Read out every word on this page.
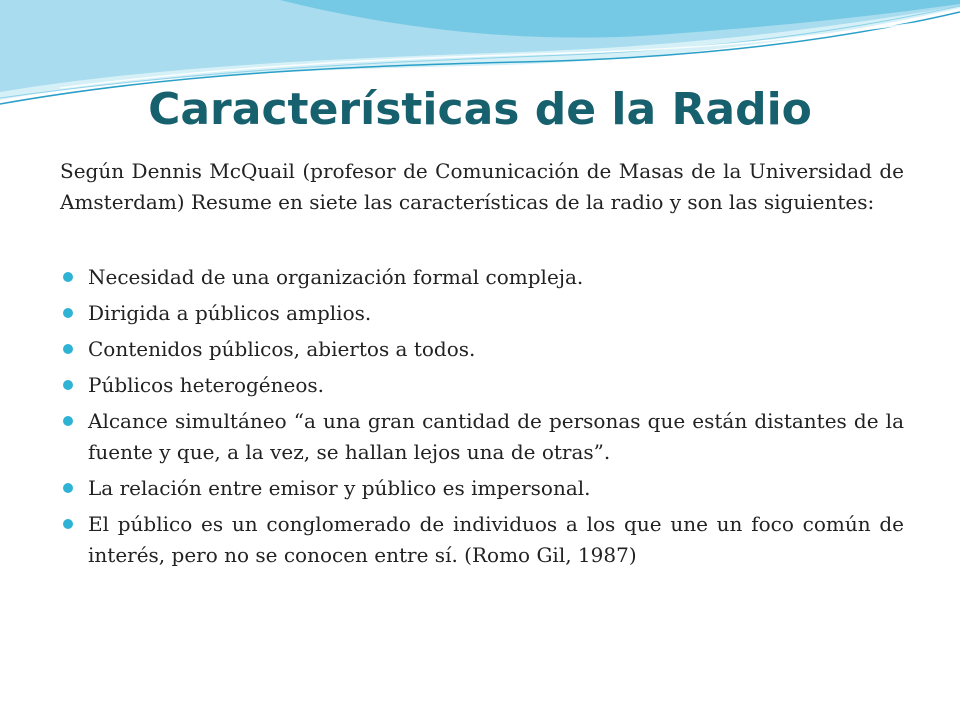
Características de la Radio

Según Dennis McQuail (profesor de Comunicación de Masas de la Universidad de Amsterdam) Resume en siete las características de la radio y son las siguientes:

Necesidad de una organización formal compleja.
Dirigida a públicos amplios.
Contenidos públicos, abiertos a todos.
Públicos heterogéneos.
Alcance simultáneo “a una gran cantidad de personas que están distantes de la fuente y que, a la vez, se hallan lejos una de otras”.
La relación entre emisor y público es impersonal.
El público es un conglomerado de individuos a los que une un foco común de interés, pero no se conocen entre sí. (Romo Gil, 1987)
